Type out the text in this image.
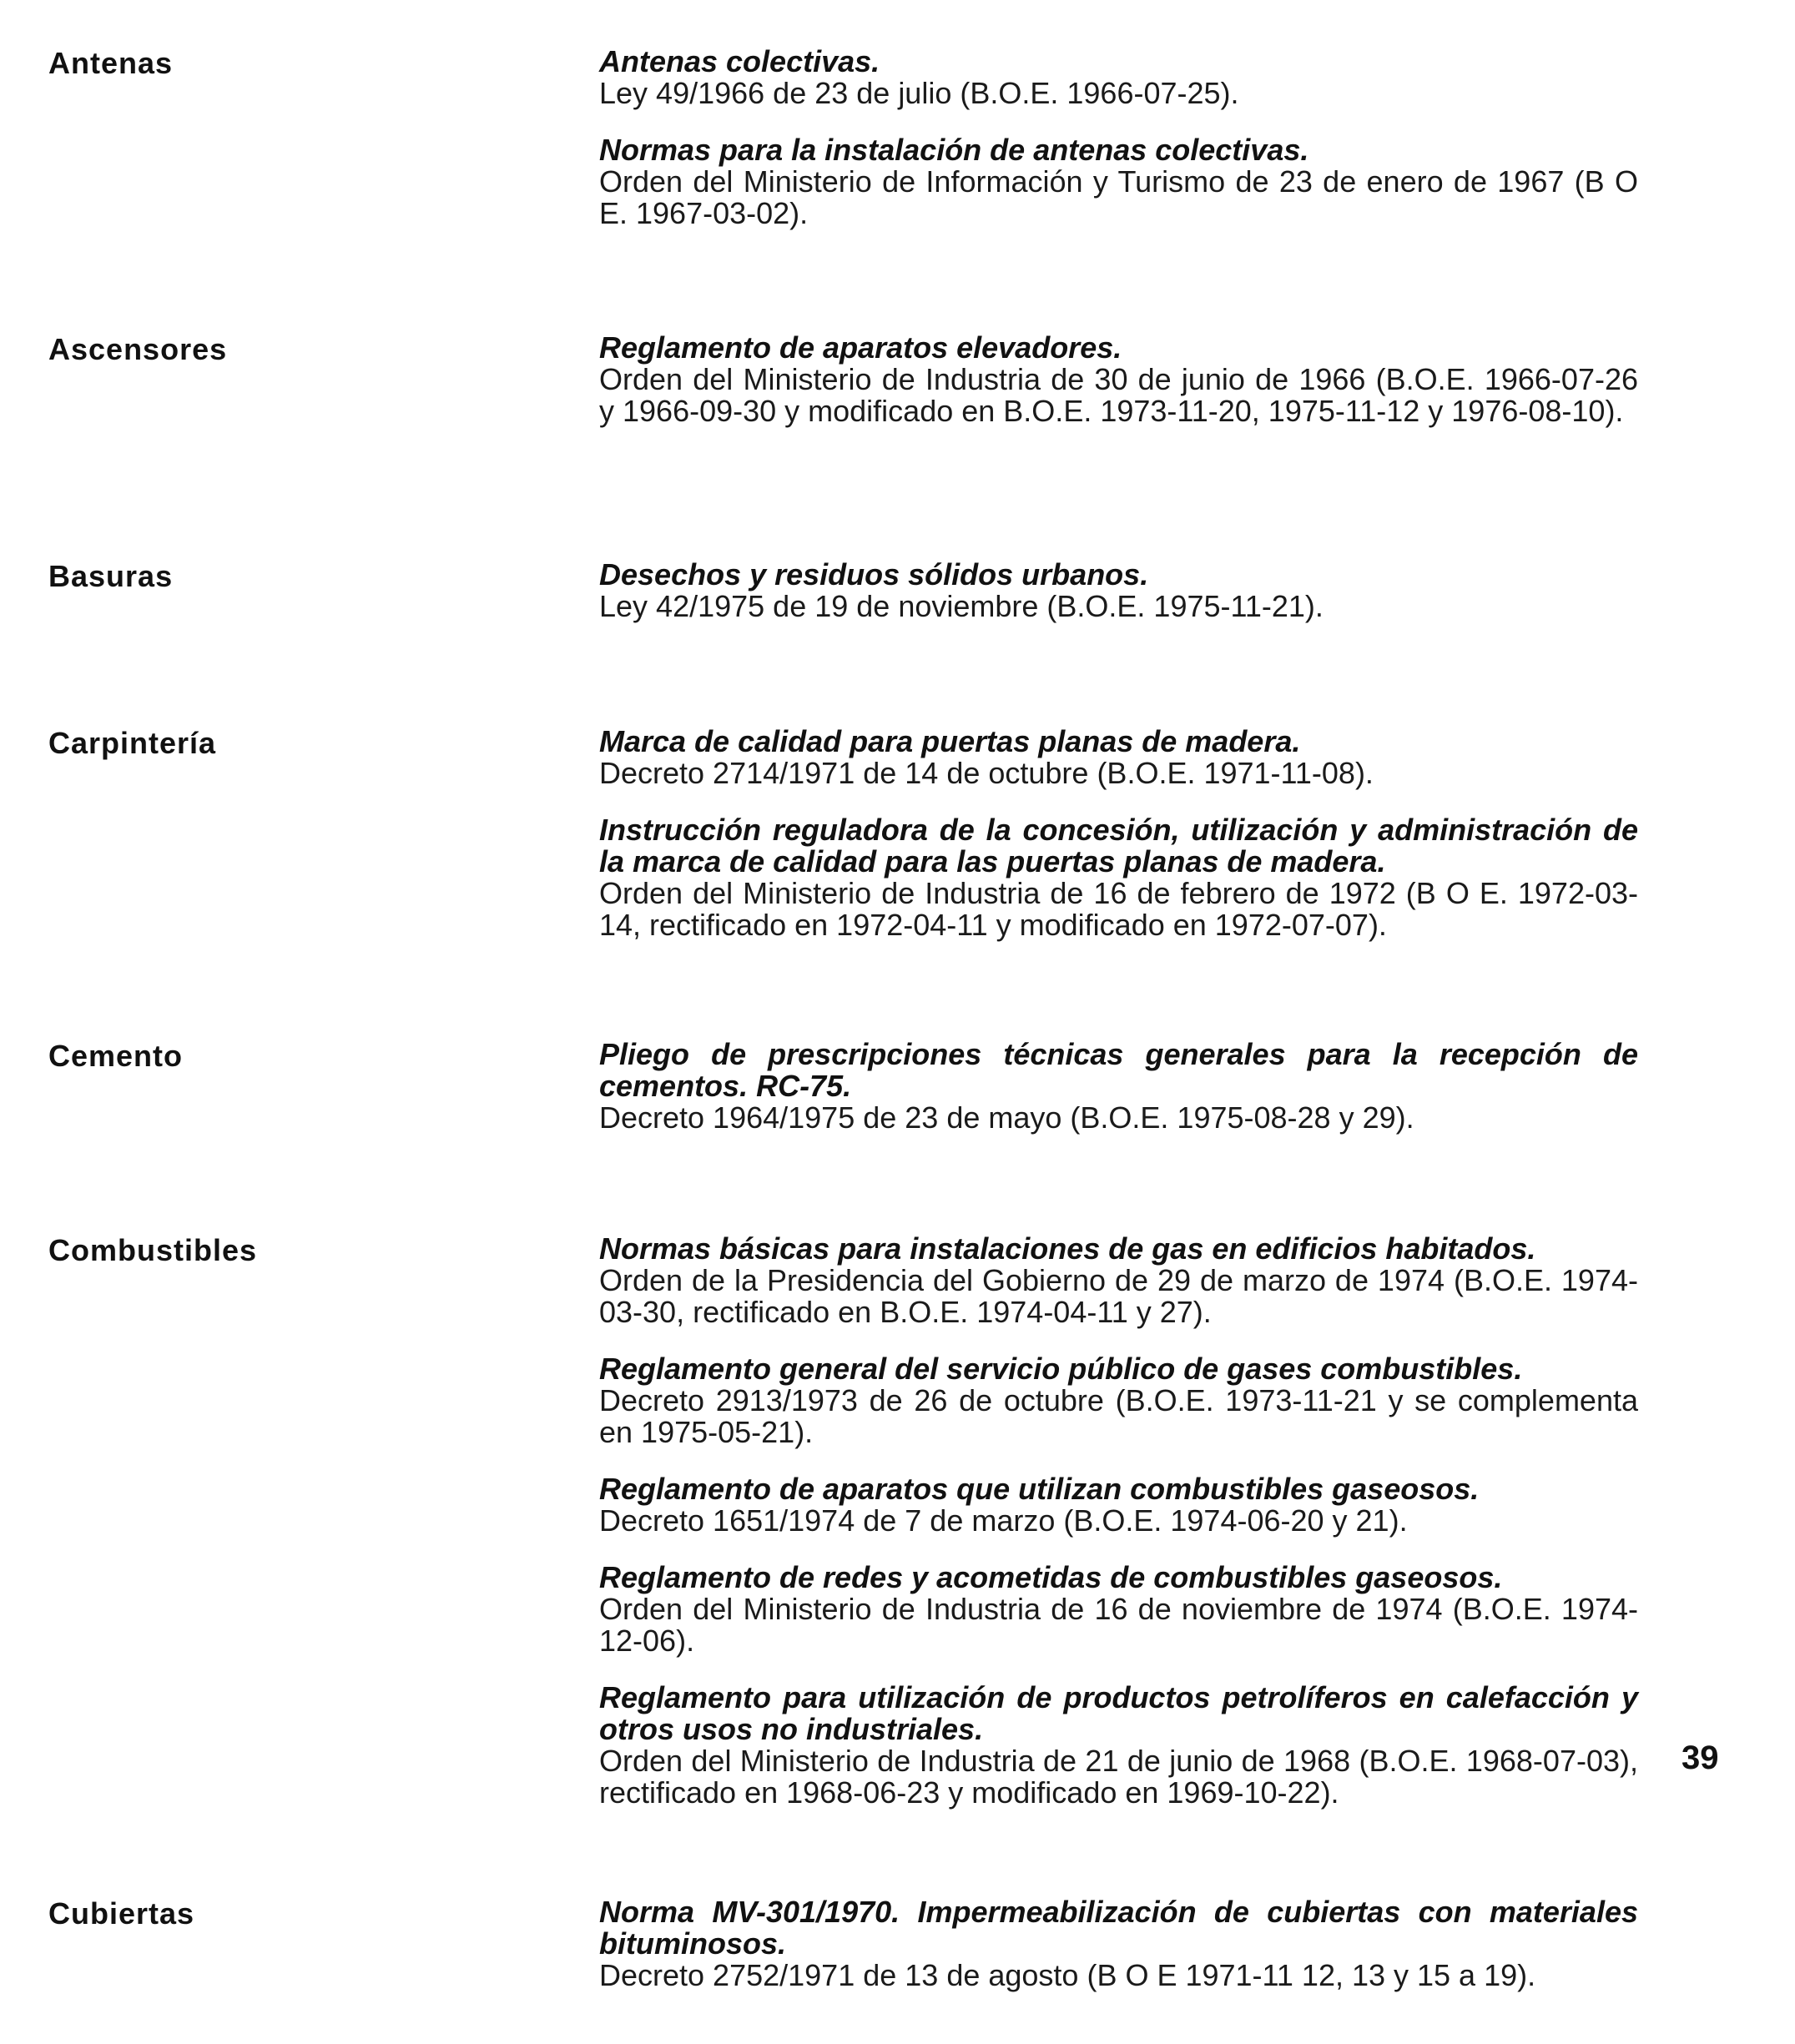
Antenas	Antenas colectivas.
Ley 49/1966 de 23 de julio (B.O.E. 1966-07-25).
Normas para la instalación de antenas colectivas.
Orden del Ministerio de Información y Turismo de 23 de enero de 1967 (B O E. 1967-03-02).
Ascensores	Reglamento de aparatos elevadores.
Orden del Ministerio de Industria de 30 de junio de 1966 (B.O.E. 1966-07-26 y 1966-09-30 y modificado en B.O.E. 1973-11-20, 1975-11-12 y 1976-08-10).
Basuras	Desechos y residuos sólidos urbanos.
Ley 42/1975 de 19 de noviembre (B.O.E. 1975-11-21).
Carpintería	Marca de calidad para puertas planas de madera.
Decreto 2714/1971 de 14 de octubre (B.O.E. 1971-11-08).
Instrucción reguladora de la concesión, utilización y administración de la marca de calidad para las puertas planas de madera.
Orden del Ministerio de Industria de 16 de febrero de 1972 (B O E. 1972-03-14, rectificado en 1972-04-11 y modificado en 1972-07-07).
Cemento	Pliego de prescripciones técnicas generales para la recepción de cementos. RC-75.
Decreto 1964/1975 de 23 de mayo (B.O.E. 1975-08-28 y 29).
Combustibles	Normas básicas para instalaciones de gas en edificios habitados.
Orden de la Presidencia del Gobierno de 29 de marzo de 1974 (B.O.E. 1974-03-30, rectificado en B.O.E. 1974-04-11 y 27).
Reglamento general del servicio público de gases combustibles.
Decreto 2913/1973 de 26 de octubre (B.O.E. 1973-11-21 y se complementa en 1975-05-21).
Reglamento de aparatos que utilizan combustibles gaseosos.
Decreto 1651/1974 de 7 de marzo (B.O.E. 1974-06-20 y 21).
Reglamento de redes y acometidas de combustibles gaseosos.
Orden del Ministerio de Industria de 16 de noviembre de 1974 (B.O.E. 1974-12-06).
Reglamento para utilización de productos petrolíferos en calefacción y otros usos no industriales.
Orden del Ministerio de Industria de 21 de junio de 1968 (B.O.E. 1968-07-03), rectificado en 1968-06-23 y modificado en 1969-10-22).
Cubiertas	Norma MV-301/1970. Impermeabilización de cubiertas con materiales bituminosos.
Decreto 2752/1971 de 13 de agosto (B O E 1971-11 12, 13 y 15 a 19).
39
